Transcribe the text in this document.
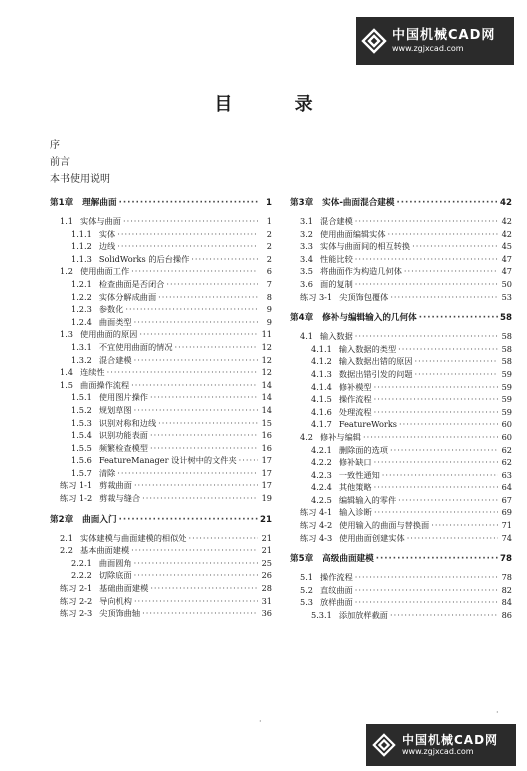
中国机械CAD网
www.zgjxcad.com
目 录
序
前言
本书使用说明
第1章 理解曲面 ·····	1
1.1 实体与曲面 ·····	1
1.1.1 实体 ·····	2
1.1.2 边线 ·····	2
1.1.3 SolidWorks 的后台操作 ·····	2
1.2 使用曲面工作 ·····	6
1.2.1 检查曲面是否闭合 ·····	7
1.2.2 实体分解成曲面 ·····	8
1.2.3 参数化 ·····	9
1.2.4 曲面类型 ·····	9
1.3 使用曲面的原因 ·····	11
1.3.1 不宜使用曲面的情况 ·····	12
1.3.2 混合建模 ·····	12
1.4 连续性 ·····	12
1.5 曲面操作流程 ·····	14
1.5.1 使用图片操作 ·····	14
1.5.2 规划草图 ·····	14
1.5.3 识别对称和边线 ·····	15
1.5.4 识别功能表面 ·····	16
1.5.5 频繁检查模型 ·····	16
1.5.6 FeatureManager 设计树中的文件夹 ·····	17
1.5.7 清除 ·····	17
练习 1-1 剪裁曲面 ·····	17
练习 1-2 剪裁与缝合 ·····	19
第2章 曲面入门 ·····	21
2.1 实体建模与曲面建模的相似处 ·····	21
2.2 基本曲面建模 ·····	21
2.2.1 曲面圆角 ·····	25
2.2.2 切除底面 ·····	26
练习 2-1 基础曲面建模 ·····	28
练习 2-2 导向机构 ·····	31
练习 2-3 尖顶饰曲轴 ·····	36
第3章 实体-曲面混合建模 ·····	42
3.1 混合建模 ·····	42
3.2 使用曲面编辑实体 ·····	42
3.3 实体与曲面间的相互转换 ·····	45
3.4 性能比较 ·····	47
3.5 将曲面作为构造几何体 ·····	47
3.6 面的复制 ·····	50
练习 3-1 尖顶饰包覆体 ·····	53
第4章 修补与编辑输入的几何体 ·····	58
4.1 输入数据 ·····	58
4.1.1 输入数据的类型 ·····	58
4.1.2 输入数据出错的原因 ·····	58
4.1.3 数据出错引发的问题 ·····	59
4.1.4 修补模型 ·····	59
4.1.5 操作流程 ·····	59
4.1.6 处理流程 ·····	59
4.1.7 FeatureWorks ·····	60
4.2 修补与编辑 ·····	60
4.2.1 删除面的选项 ·····	62
4.2.2 修补缺口 ·····	62
4.2.3 一致性通知 ·····	63
4.2.4 其他策略 ·····	64
4.2.5 编辑输入的零件 ·····	67
练习 4-1 输入诊断 ·····	69
练习 4-2 使用输入的曲面与替换面 ·····	71
练习 4-3 使用曲面创建实体 ·····	74
第5章 高级曲面建模 ·····	78
5.1 操作流程 ·····	78
5.2 直纹曲面 ·····	82
5.3 放样曲面 ·····	84
5.3.1 添加放样截面 ·····	86
·
·
中国机械CAD网
www.zgjxcad.com
